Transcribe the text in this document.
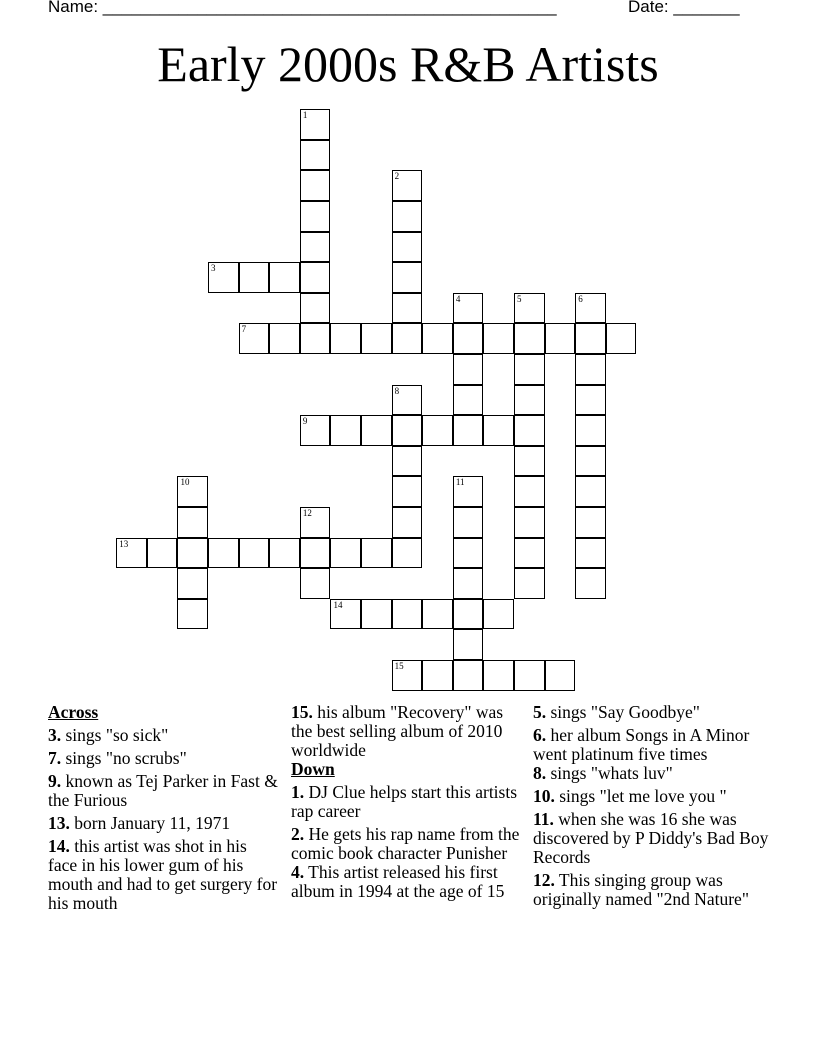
Name: ________________________________________________	Date: _______
Early 2000s R&B Artists
1
2
3
4	5	6
7
8
9
10	11
12
13
14
15
Across
3. sings "so sick"
7. sings "no scrubs"
9. known as Tej Parker in Fast & the Furious
13. born January 11, 1971
14. this artist was shot in his face in his lower gum of his mouth and had to get surgery for his mouth
15. his album "Recovery" was the best selling album of 2010 worldwide
Down
1. DJ Clue helps start this artists rap career
2. He gets his rap name from the comic book character Punisher
4. This artist released his first album in 1994 at the age of 15
5. sings "Say Goodbye"
6. her album Songs in A Minor went platinum five times
8. sings "whats luv"
10. sings "let me love you "
11. when she was 16 she was discovered by P Diddy's Bad Boy Records
12. This singing group was originally named "2nd Nature"
